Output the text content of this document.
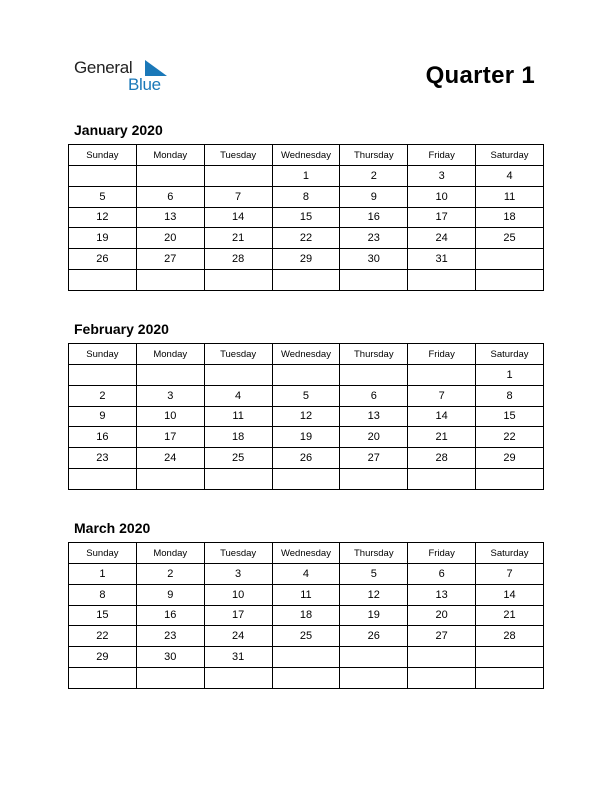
General
Blue	Quarter 1
January 2020
Sunday	Monday	Tuesday	Wednesday	Thursday	Friday	Saturday
			1	2	3	4
5	6	7	8	9	10	11
12	13	14	15	16	17	18
19	20	21	22	23	24	25
26	27	28	29	30	31	

February 2020
Sunday	Monday	Tuesday	Wednesday	Thursday	Friday	Saturday
						1
2	3	4	5	6	7	8
9	10	11	12	13	14	15
16	17	18	19	20	21	22
23	24	25	26	27	28	29

March 2020
Sunday	Monday	Tuesday	Wednesday	Thursday	Friday	Saturday
1	2	3	4	5	6	7
8	9	10	11	12	13	14
15	16	17	18	19	20	21
22	23	24	25	26	27	28
29	30	31				
